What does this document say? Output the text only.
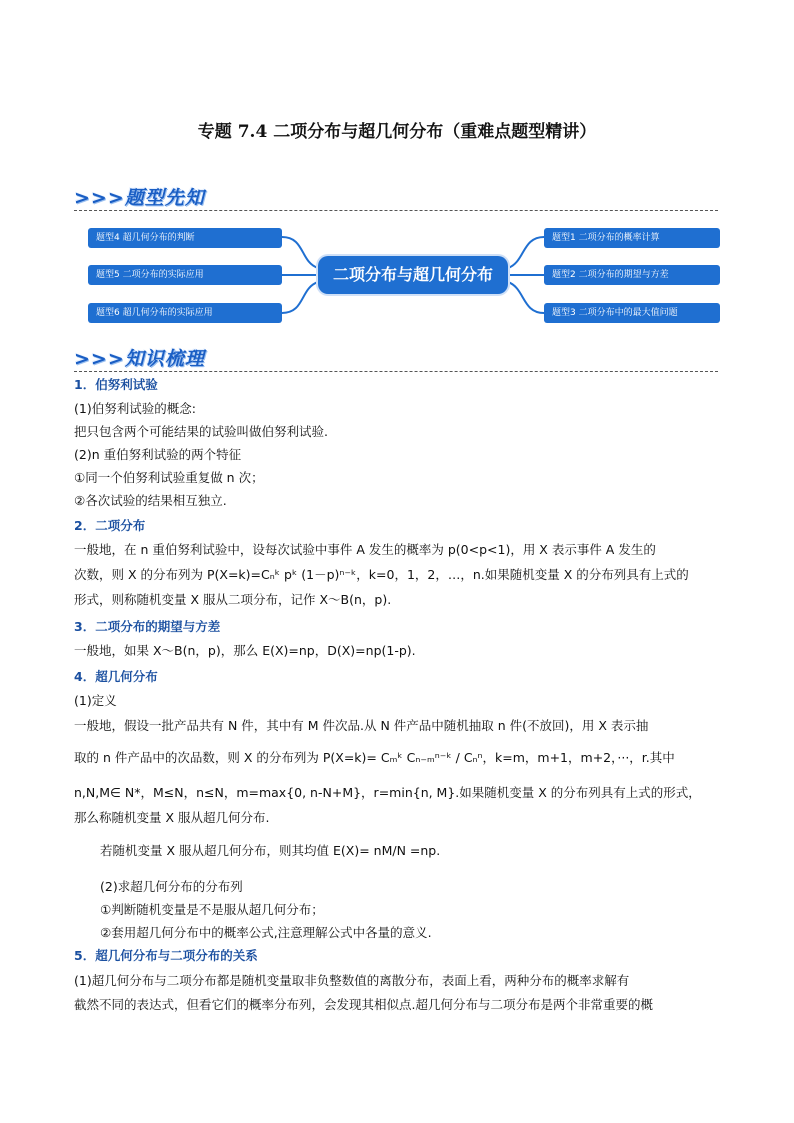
专题 7.4 二项分布与超几何分布（重难点题型精讲）
>>>题型先知
题型4 超几何分布的判断
题型5 二项分布的实际应用
题型6 超几何分布的实际应用
二项分布与超几何分布
题型1 二项分布的概率计算
题型2 二项分布的期望与方差
题型3 二项分布中的最大值问题
>>>知识梳理
1．伯努利试验
(1)伯努利试验的概念:
把只包含两个可能结果的试验叫做伯努利试验.
(2)n 重伯努利试验的两个特征
①同一个伯努利试验重复做 n 次；
②各次试验的结果相互独立.
2．二项分布
一般地，在 n 重伯努利试验中，设每次试验中事件 A 发生的概率为 p(0<p<1)，用 X 表示事件 A 发生的
次数，则 X 的分布列为 P(X=k)=Cₙᵏ pᵏ (1－p)ⁿ⁻ᵏ，k=0，1，2，…，n.如果随机变量 X 的分布列具有上式的
形式，则称随机变量 X 服从二项分布，记作 X～B(n，p).
3．二项分布的期望与方差
一般地，如果 X～B(n，p)，那么 E(X)=np，D(X)=np(1-p).
4．超几何分布
(1)定义
一般地，假设一批产品共有 N 件，其中有 M 件次品.从 N 件产品中随机抽取 n 件(不放回)，用 X 表示抽
取的 n 件产品中的次品数，则 X 的分布列为 P(X=k)= Cₘᵏ Cₙ₋ₘⁿ⁻ᵏ / Cₙⁿ，k=m，m+1，m+2，···，r.其中
n,N,M∈ N*，M≤N，n≤N，m=max{0, n-N+M}，r=min{n, M}.如果随机变量 X 的分布列具有上式的形式，
那么称随机变量 X 服从超几何分布.
若随机变量 X 服从超几何分布，则其均值 E(X)= nM/N =np.
(2)求超几何分布的分布列
①判断随机变量是不是服从超几何分布；
②套用超几何分布中的概率公式,注意理解公式中各量的意义.
5．超几何分布与二项分布的关系
(1)超几何分布与二项分布都是随机变量取非负整数值的离散分布，表面上看，两种分布的概率求解有
截然不同的表达式，但看它们的概率分布列，会发现其相似点.超几何分布与二项分布是两个非常重要的概
